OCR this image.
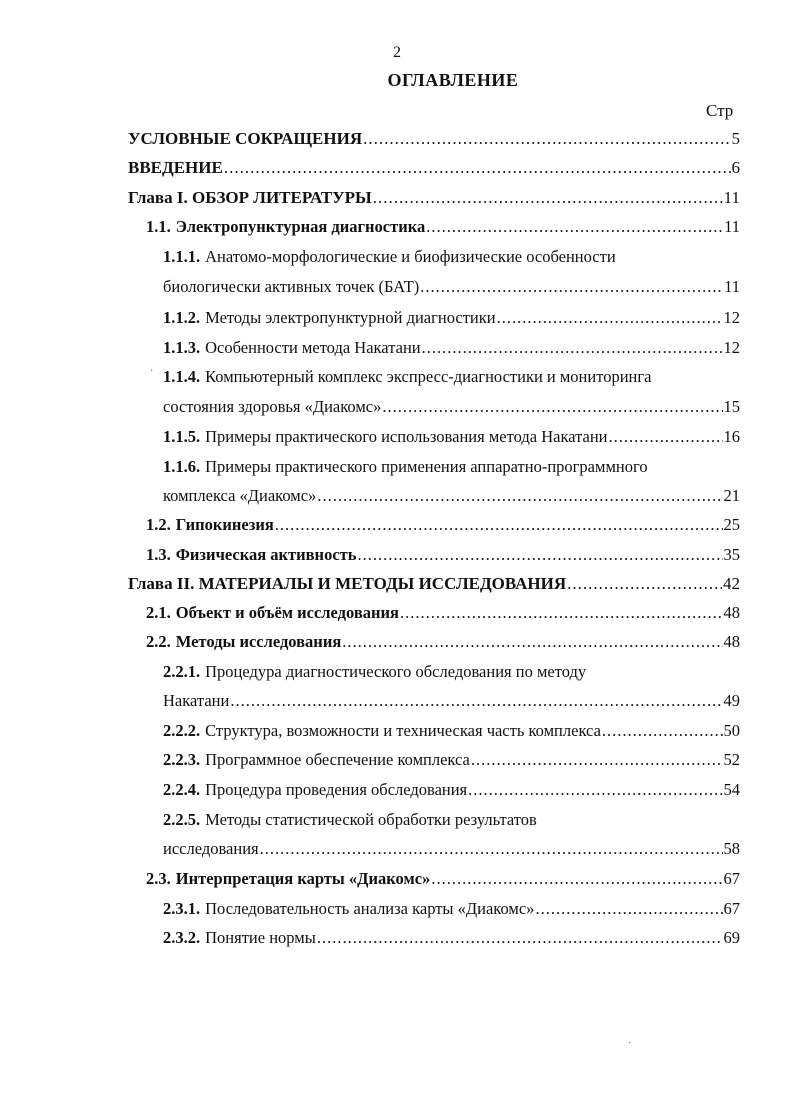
2
ОГЛАВЛЕНИЕ
Стр
УСЛОВНЫЕ СОКРАЩЕНИЯ .....	5
ВВЕДЕНИЕ .....	6
Глава I. ОБЗОР ЛИТЕРАТУРЫ .....	11
1.1. Электропунктурная диагностика .....	11
1.1.1. Анатомо-морфологические и биофизические особенности
биологически активных точек (БАТ) .....	11
1.1.2. Методы электропунктурной диагностики .....	12
1.1.3. Особенности метода Накатани .....	12
1.1.4. Компьютерный комплекс экспресс-диагностики и мониторинга
состояния здоровья «Диакомс» .....	15
1.1.5. Примеры практического использования метода Накатани .....	16
1.1.6. Примеры практического применения аппаратно-программного
комплекса «Диакомс» .....	21
1.2. Гипокинезия .....	25
1.3. Физическая активность .....	35
Глава II. МАТЕРИАЛЫ И МЕТОДЫ ИССЛЕДОВАНИЯ .....	42
2.1. Объект и объём исследования .....	48
2.2. Методы исследования .....	48
2.2.1. Процедура диагностического обследования по методу
Накатани .....	49
2.2.2. Структура, возможности и техническая часть комплекса .....	50
2.2.3. Программное обеспечение комплекса .....	52
2.2.4. Процедура проведения обследования .....	54
2.2.5. Методы статистической обработки результатов
исследования .....	58
2.3. Интерпретация карты «Диакомс» .....	67
2.3.1. Последовательность анализа карты «Диакомс» .....	67
2.3.2. Понятие нормы .....	69
·
·
